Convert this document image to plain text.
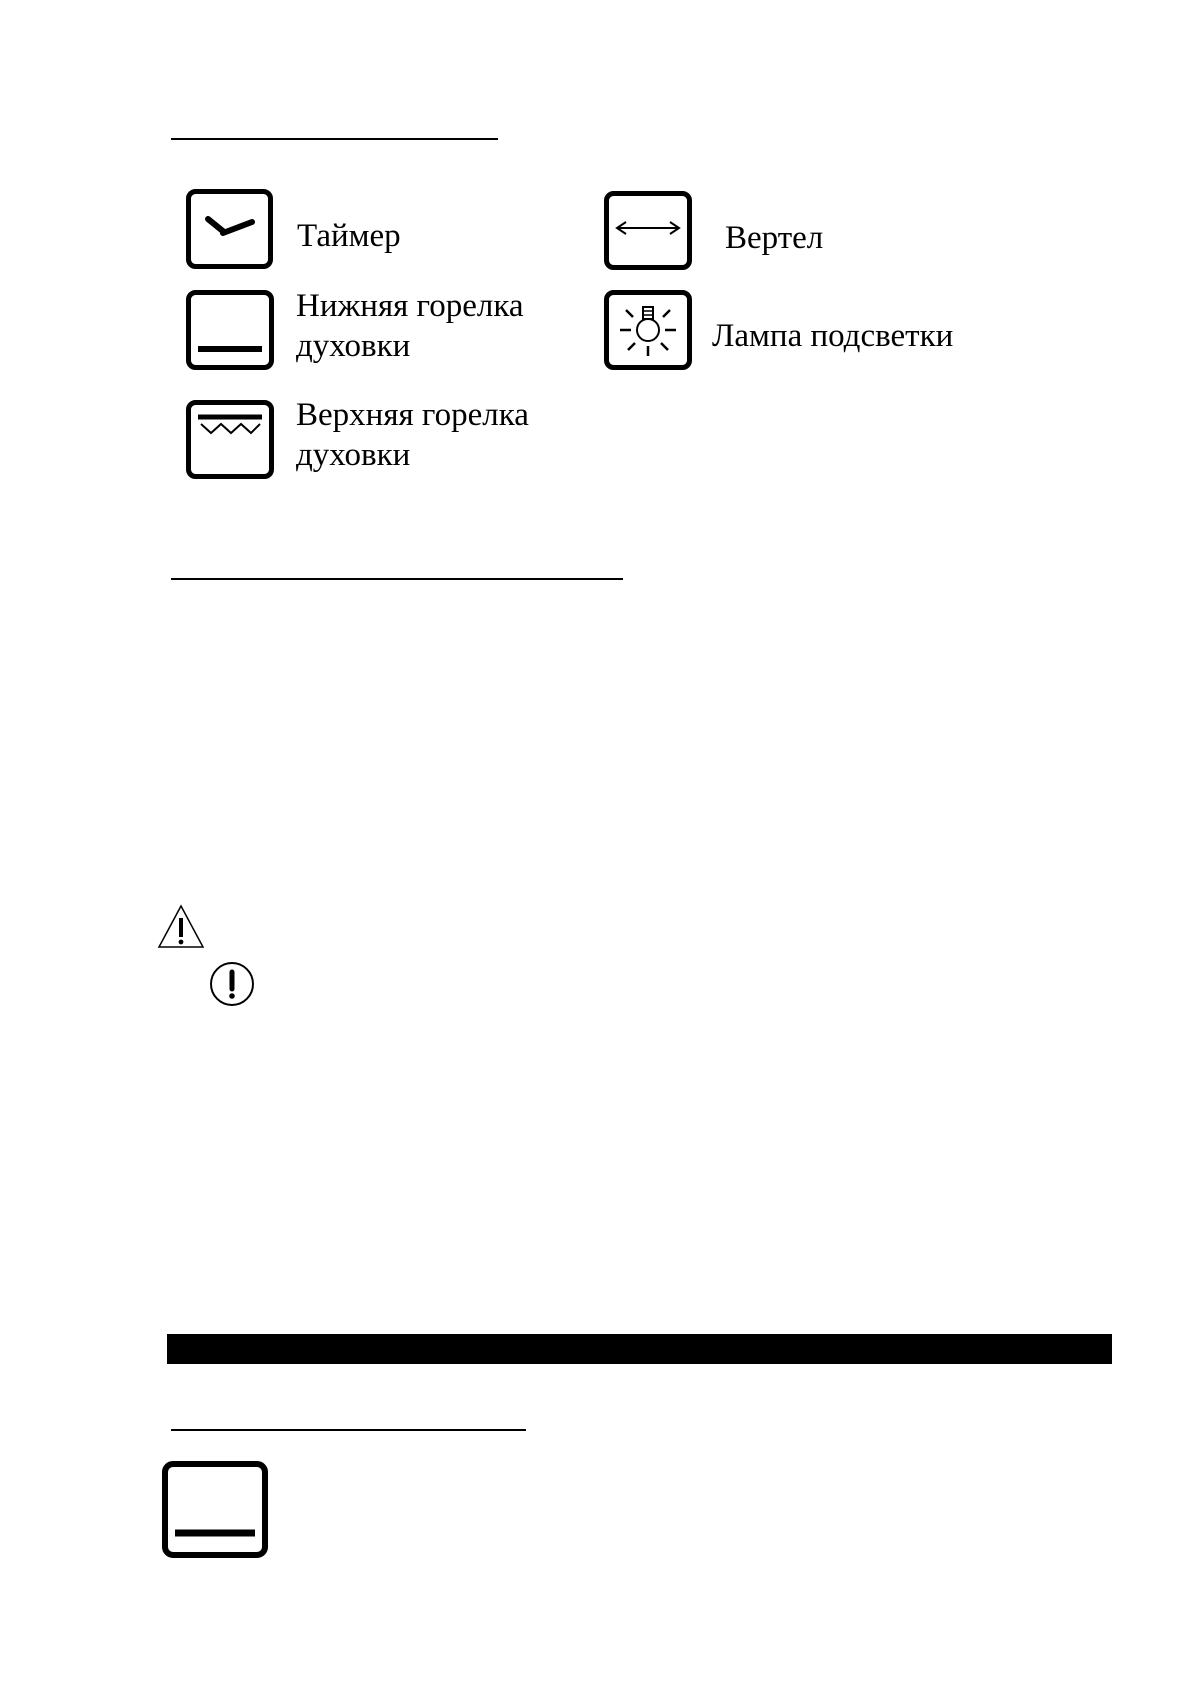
Таймер	Вертел
Нижняя горелка
духовки	Лампа подсветки
Верхняя горелка
духовки
